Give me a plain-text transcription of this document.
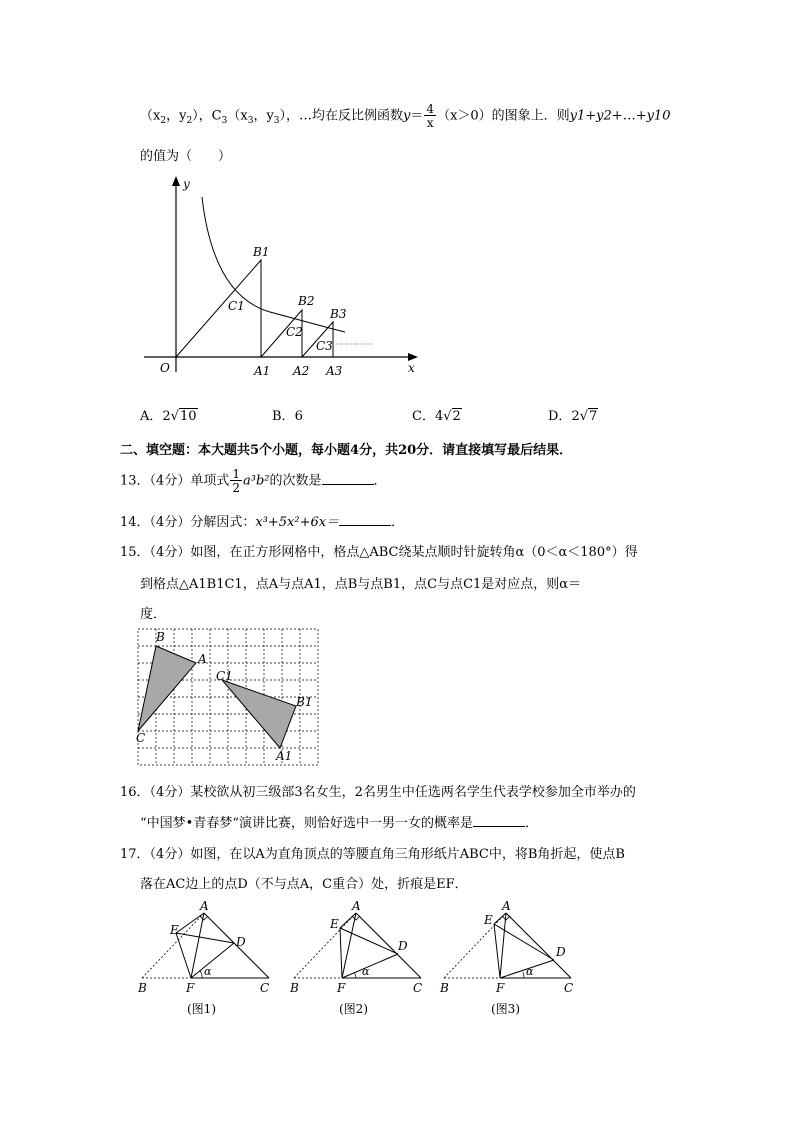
（$x_2$，$y_2$），$C_3(x_3$，$y_3$），…均在反比例函数$y= \frac{4}{x} (x>0)$的图象上．则y1+y2+…+y10
的值为（　　）
y
x
O
B1
B2
B3
C1
C2
C3
A1 A2 A3
A．2√10	B．6	C．4√2	D．2√7
二、填空题：本大题共5个小题，每小题4分，共20分．请直接填写最后结果．
13．（4分）单项式 $\frac{1}{2} a^3b^2$的次数是	．
14．（4分）分解因式：x³+5x²+6x＝	．
15．（4分）如图，在正方形网格中，格点△ABC绕某点顺时针旋转角α（0＜α＜180°）得
到格点△A1B1C1，点A与点A1，点B与点B1，点C与点C1是对应点，则α＝
度．
B
A
C
C1
B1
A1
16．（4分）某校欲从初三级部3名女生，2名男生中任选两名学生代表学校参加全市举办的
“中国梦•青春梦“演讲比赛，则恰好选中一男一女的概率是	．
17．（4分）如图，在以A为直角顶点的等腰直角三角形纸片ABC中，将B角折起，使点B
落在AC边上的点D（不与点A，C重合）处，折痕是EF．
A
E
D
α
B	F	C
(图1)
A
E
D
α
B	F	C
(图2)
A
E
D
α
B	F	C
(图3)
